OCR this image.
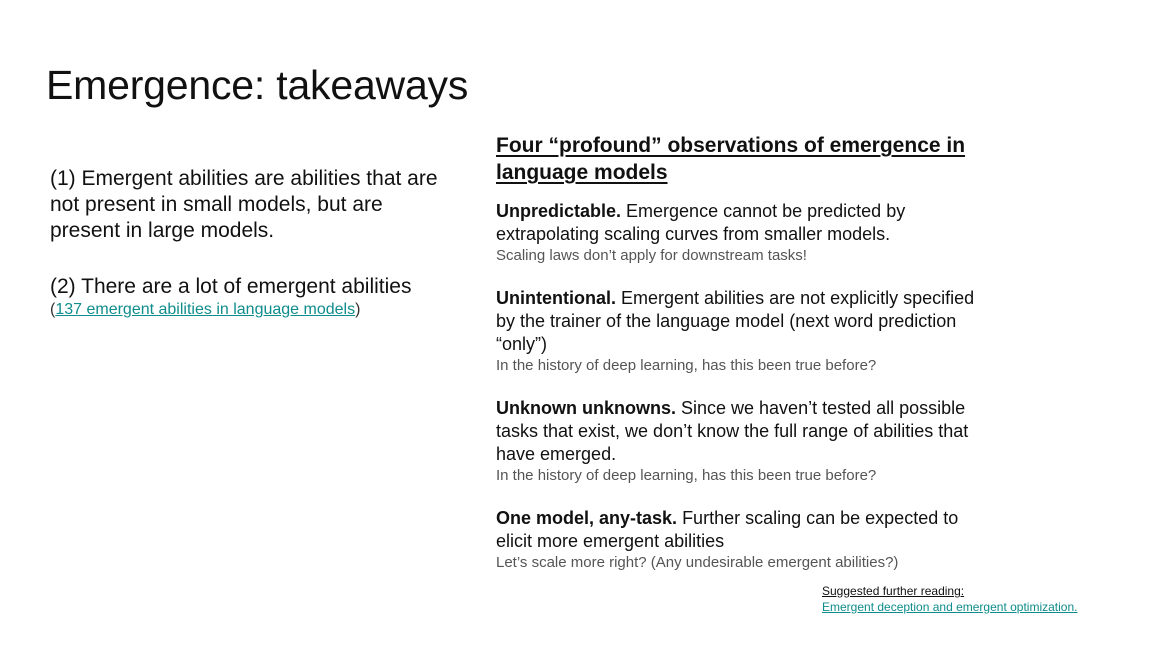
Emergence: takeaways

(1) Emergent abilities are abilities that are not present in small models, but are present in large models.

(2) There are a lot of emergent abilities
(137 emergent abilities in language models)
Four “profound” observations of emergence in language models
Unpredictable. Emergence cannot be predicted by extrapolating scaling curves from smaller models.
Scaling laws don’t apply for downstream tasks!
Unintentional. Emergent abilities are not explicitly specified by the trainer of the language model (next word prediction “only”)
In the history of deep learning, has this been true before?
Unknown unknowns. Since we haven’t tested all possible tasks that exist, we don’t know the full range of abilities that have emerged.
In the history of deep learning, has this been true before?
One model, any-task. Further scaling can be expected to elicit more emergent abilities
Let’s scale more right? (Any undesirable emergent abilities?)
Suggested further reading:
Emergent deception and emergent optimization.
